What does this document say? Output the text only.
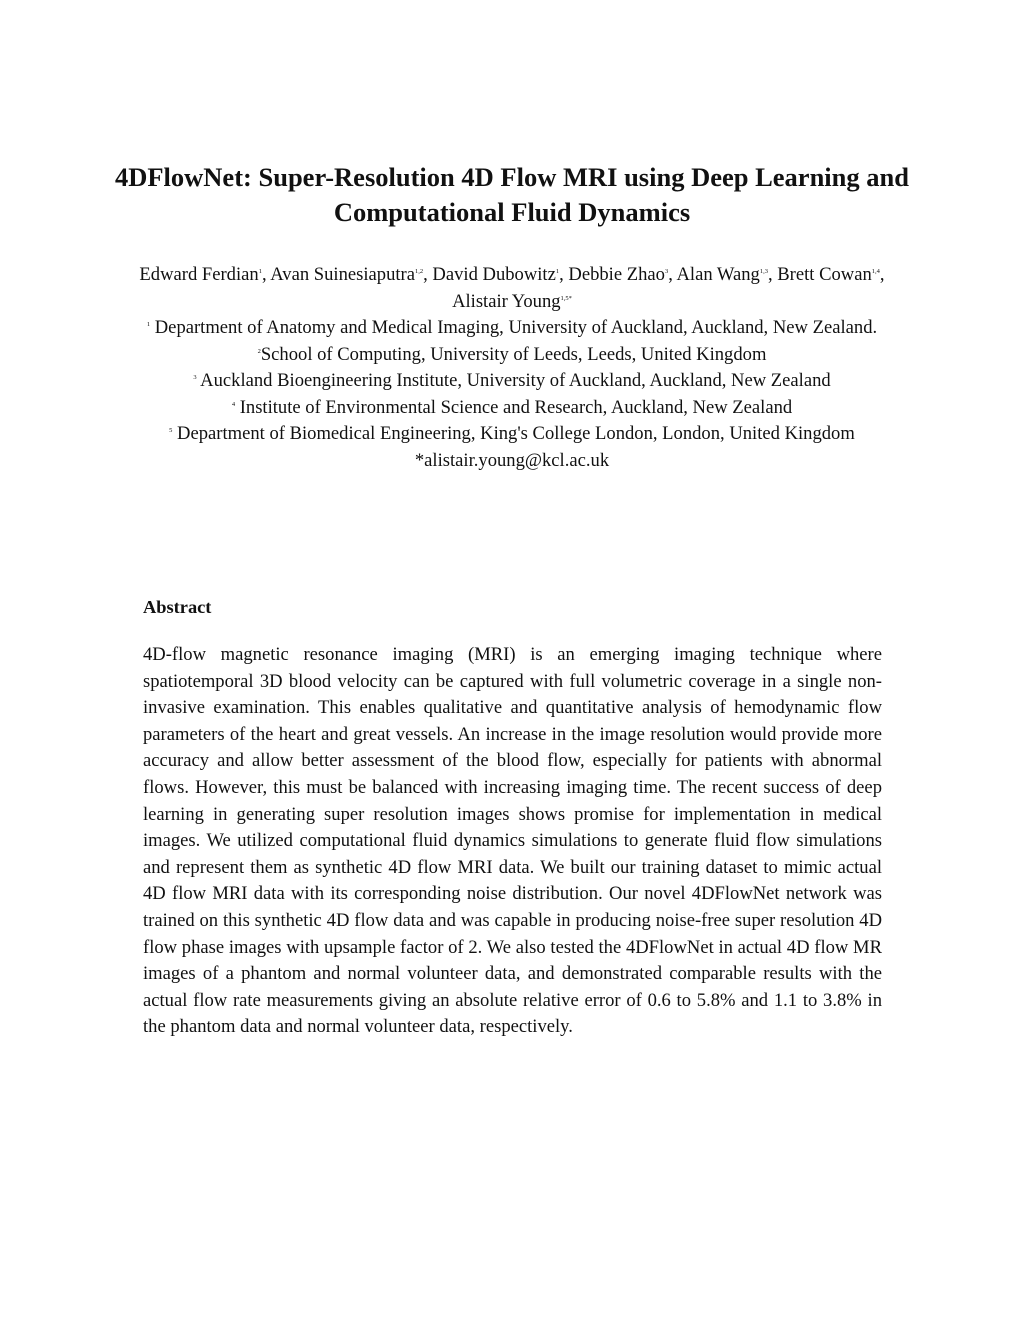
4DFlowNet: Super-Resolution 4D Flow MRI using Deep Learning and Computational Fluid Dynamics
Edward Ferdian$^1$, Avan Suinesiaputra$^{1,2}$, David Dubowitz$^1$, Debbie Zhao$^3$, Alan Wang$^{1,3}$, Brett Cowan$^{1,4}$, Alistair Young$^{1,5*}$
$^1$ Department of Anatomy and Medical Imaging, University of Auckland, Auckland, New Zealand.
$^2$School of Computing, University of Leeds, Leeds, United Kingdom
$^3$ Auckland Bioengineering Institute, University of Auckland, Auckland, New Zealand
$^4$ Institute of Environmental Science and Research, Auckland, New Zealand
$^5$ Department of Biomedical Engineering, King's College London, London, United Kingdom
*alistair.young@kcl.ac.uk
Abstract

4D-flow magnetic resonance imaging (MRI) is an emerging imaging technique where spatiotemporal 3D blood velocity can be captured with full volumetric coverage in a single non-invasive examination. This enables qualitative and quantitative analysis of hemodynamic flow parameters of the heart and great vessels. An increase in the image resolution would provide more accuracy and allow better assessment of the blood flow, especially for patients with abnormal flows. However, this must be balanced with increasing imaging time. The recent success of deep learning in generating super resolution images shows promise for implementation in medical images. We utilized computational fluid dynamics simulations to generate fluid flow simulations and represent them as synthetic 4D flow MRI data. We built our training dataset to mimic actual 4D flow MRI data with its corresponding noise distribution. Our novel 4DFlowNet network was trained on this synthetic 4D flow data and was capable in producing noise-free super resolution 4D flow phase images with upsample factor of 2. We also tested the 4DFlowNet in actual 4D flow MR images of a phantom and normal volunteer data, and demonstrated comparable results with the actual flow rate measurements giving an absolute relative error of 0.6 to 5.8% and 1.1 to 3.8% in the phantom data and normal volunteer data, respectively.
